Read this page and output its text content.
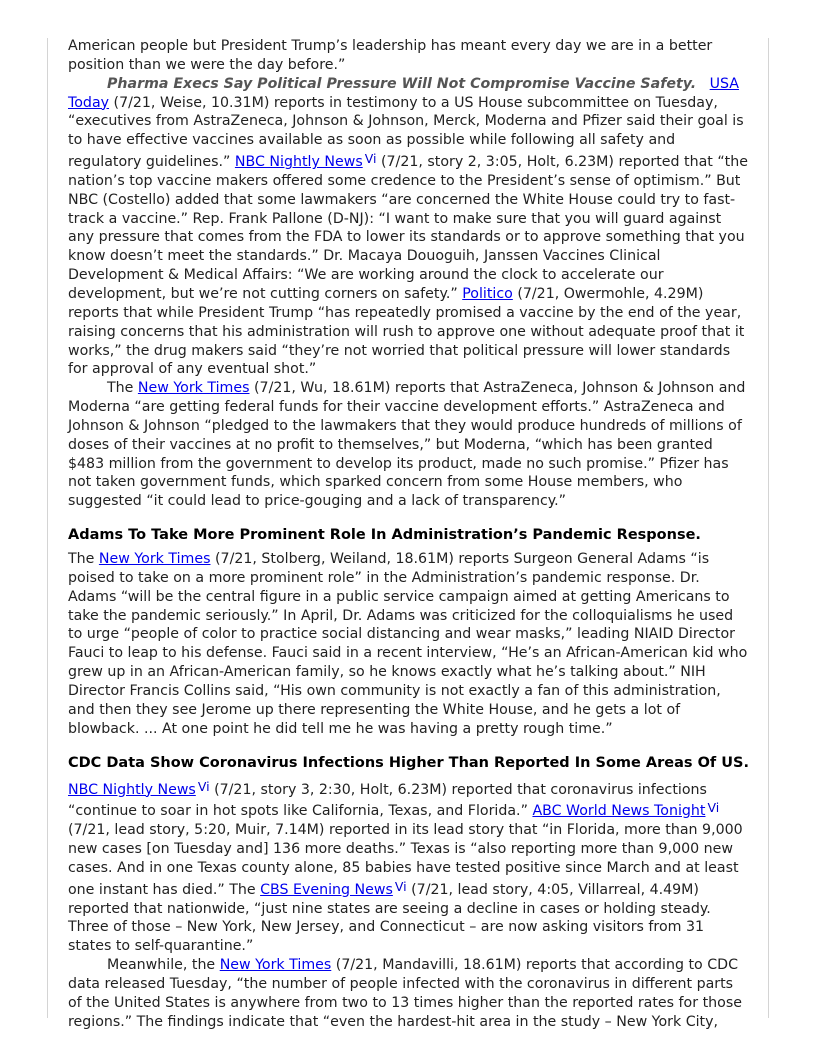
American people but President Trump’s leadership has meant every day we are in a better position than we were the day before.”

Pharma Execs Say Political Pressure Will Not Compromise Vaccine Safety. USA Today (7/21, Weise, 10.31M) reports in testimony to a US House subcommittee on Tuesday, “executives from AstraZeneca, Johnson & Johnson, Merck, Moderna and Pfizer said their goal is to have effective vaccines available as soon as possible while following all safety and regulatory guidelines.” NBC Nightly News Vi (7/21, story 2, 3:05, Holt, 6.23M) reported that “the nation’s top vaccine makers offered some credence to the President’s sense of optimism.” But NBC (Costello) added that some lawmakers “are concerned the White House could try to fast-track a vaccine.” Rep. Frank Pallone (D-NJ): “I want to make sure that you will guard against any pressure that comes from the FDA to lower its standards or to approve something that you know doesn’t meet the standards.” Dr. Macaya Douoguih, Janssen Vaccines Clinical Development & Medical Affairs: “We are working around the clock to accelerate our development, but we’re not cutting corners on safety.” Politico (7/21, Owermohle, 4.29M) reports that while President Trump “has repeatedly promised a vaccine by the end of the year, raising concerns that his administration will rush to approve one without adequate proof that it works,” the drug makers said “they’re not worried that political pressure will lower standards for approval of any eventual shot.”

The New York Times (7/21, Wu, 18.61M) reports that AstraZeneca, Johnson & Johnson and Moderna “are getting federal funds for their vaccine development efforts.” AstraZeneca and Johnson & Johnson “pledged to the lawmakers that they would produce hundreds of millions of doses of their vaccines at no profit to themselves,” but Moderna, “which has been granted $483 million from the government to develop its product, made no such promise.” Pfizer has not taken government funds, which sparked concern from some House members, who suggested “it could lead to price-gouging and a lack of transparency.”

Adams To Take More Prominent Role In Administration’s Pandemic Response.

The New York Times (7/21, Stolberg, Weiland, 18.61M) reports Surgeon General Adams “is poised to take on a more prominent role” in the Administration’s pandemic response. Dr. Adams “will be the central figure in a public service campaign aimed at getting Americans to take the pandemic seriously.” In April, Dr. Adams was criticized for the colloquialisms he used to urge “people of color to practice social distancing and wear masks,” leading NIAID Director Fauci to leap to his defense. Fauci said in a recent interview, “He’s an African-American kid who grew up in an African-American family, so he knows exactly what he’s talking about.” NIH Director Francis Collins said, “His own community is not exactly a fan of this administration, and then they see Jerome up there representing the White House, and he gets a lot of blowback. ... At one point he did tell me he was having a pretty rough time.”

CDC Data Show Coronavirus Infections Higher Than Reported In Some Areas Of US.

NBC Nightly News Vi (7/21, story 3, 2:30, Holt, 6.23M) reported that coronavirus infections “continue to soar in hot spots like California, Texas, and Florida.” ABC World News Tonight Vi (7/21, lead story, 5:20, Muir, 7.14M) reported in its lead story that “in Florida, more than 9,000 new cases [on Tuesday and] 136 more deaths.” Texas is “also reporting more than 9,000 new cases. And in one Texas county alone, 85 babies have tested positive since March and at least one instant has died.” The CBS Evening News Vi (7/21, lead story, 4:05, Villarreal, 4.49M) reported that nationwide, “just nine states are seeing a decline in cases or holding steady. Three of those – New York, New Jersey, and Connecticut – are now asking visitors from 31 states to self-quarantine.”

Meanwhile, the New York Times (7/21, Mandavilli, 18.61M) reports that according to CDC data released Tuesday, “the number of people infected with the coronavirus in different parts of the United States is anywhere from two to 13 times higher than the reported rates for those regions.” The findings indicate that “even the hardest-hit area in the study – New York City,
